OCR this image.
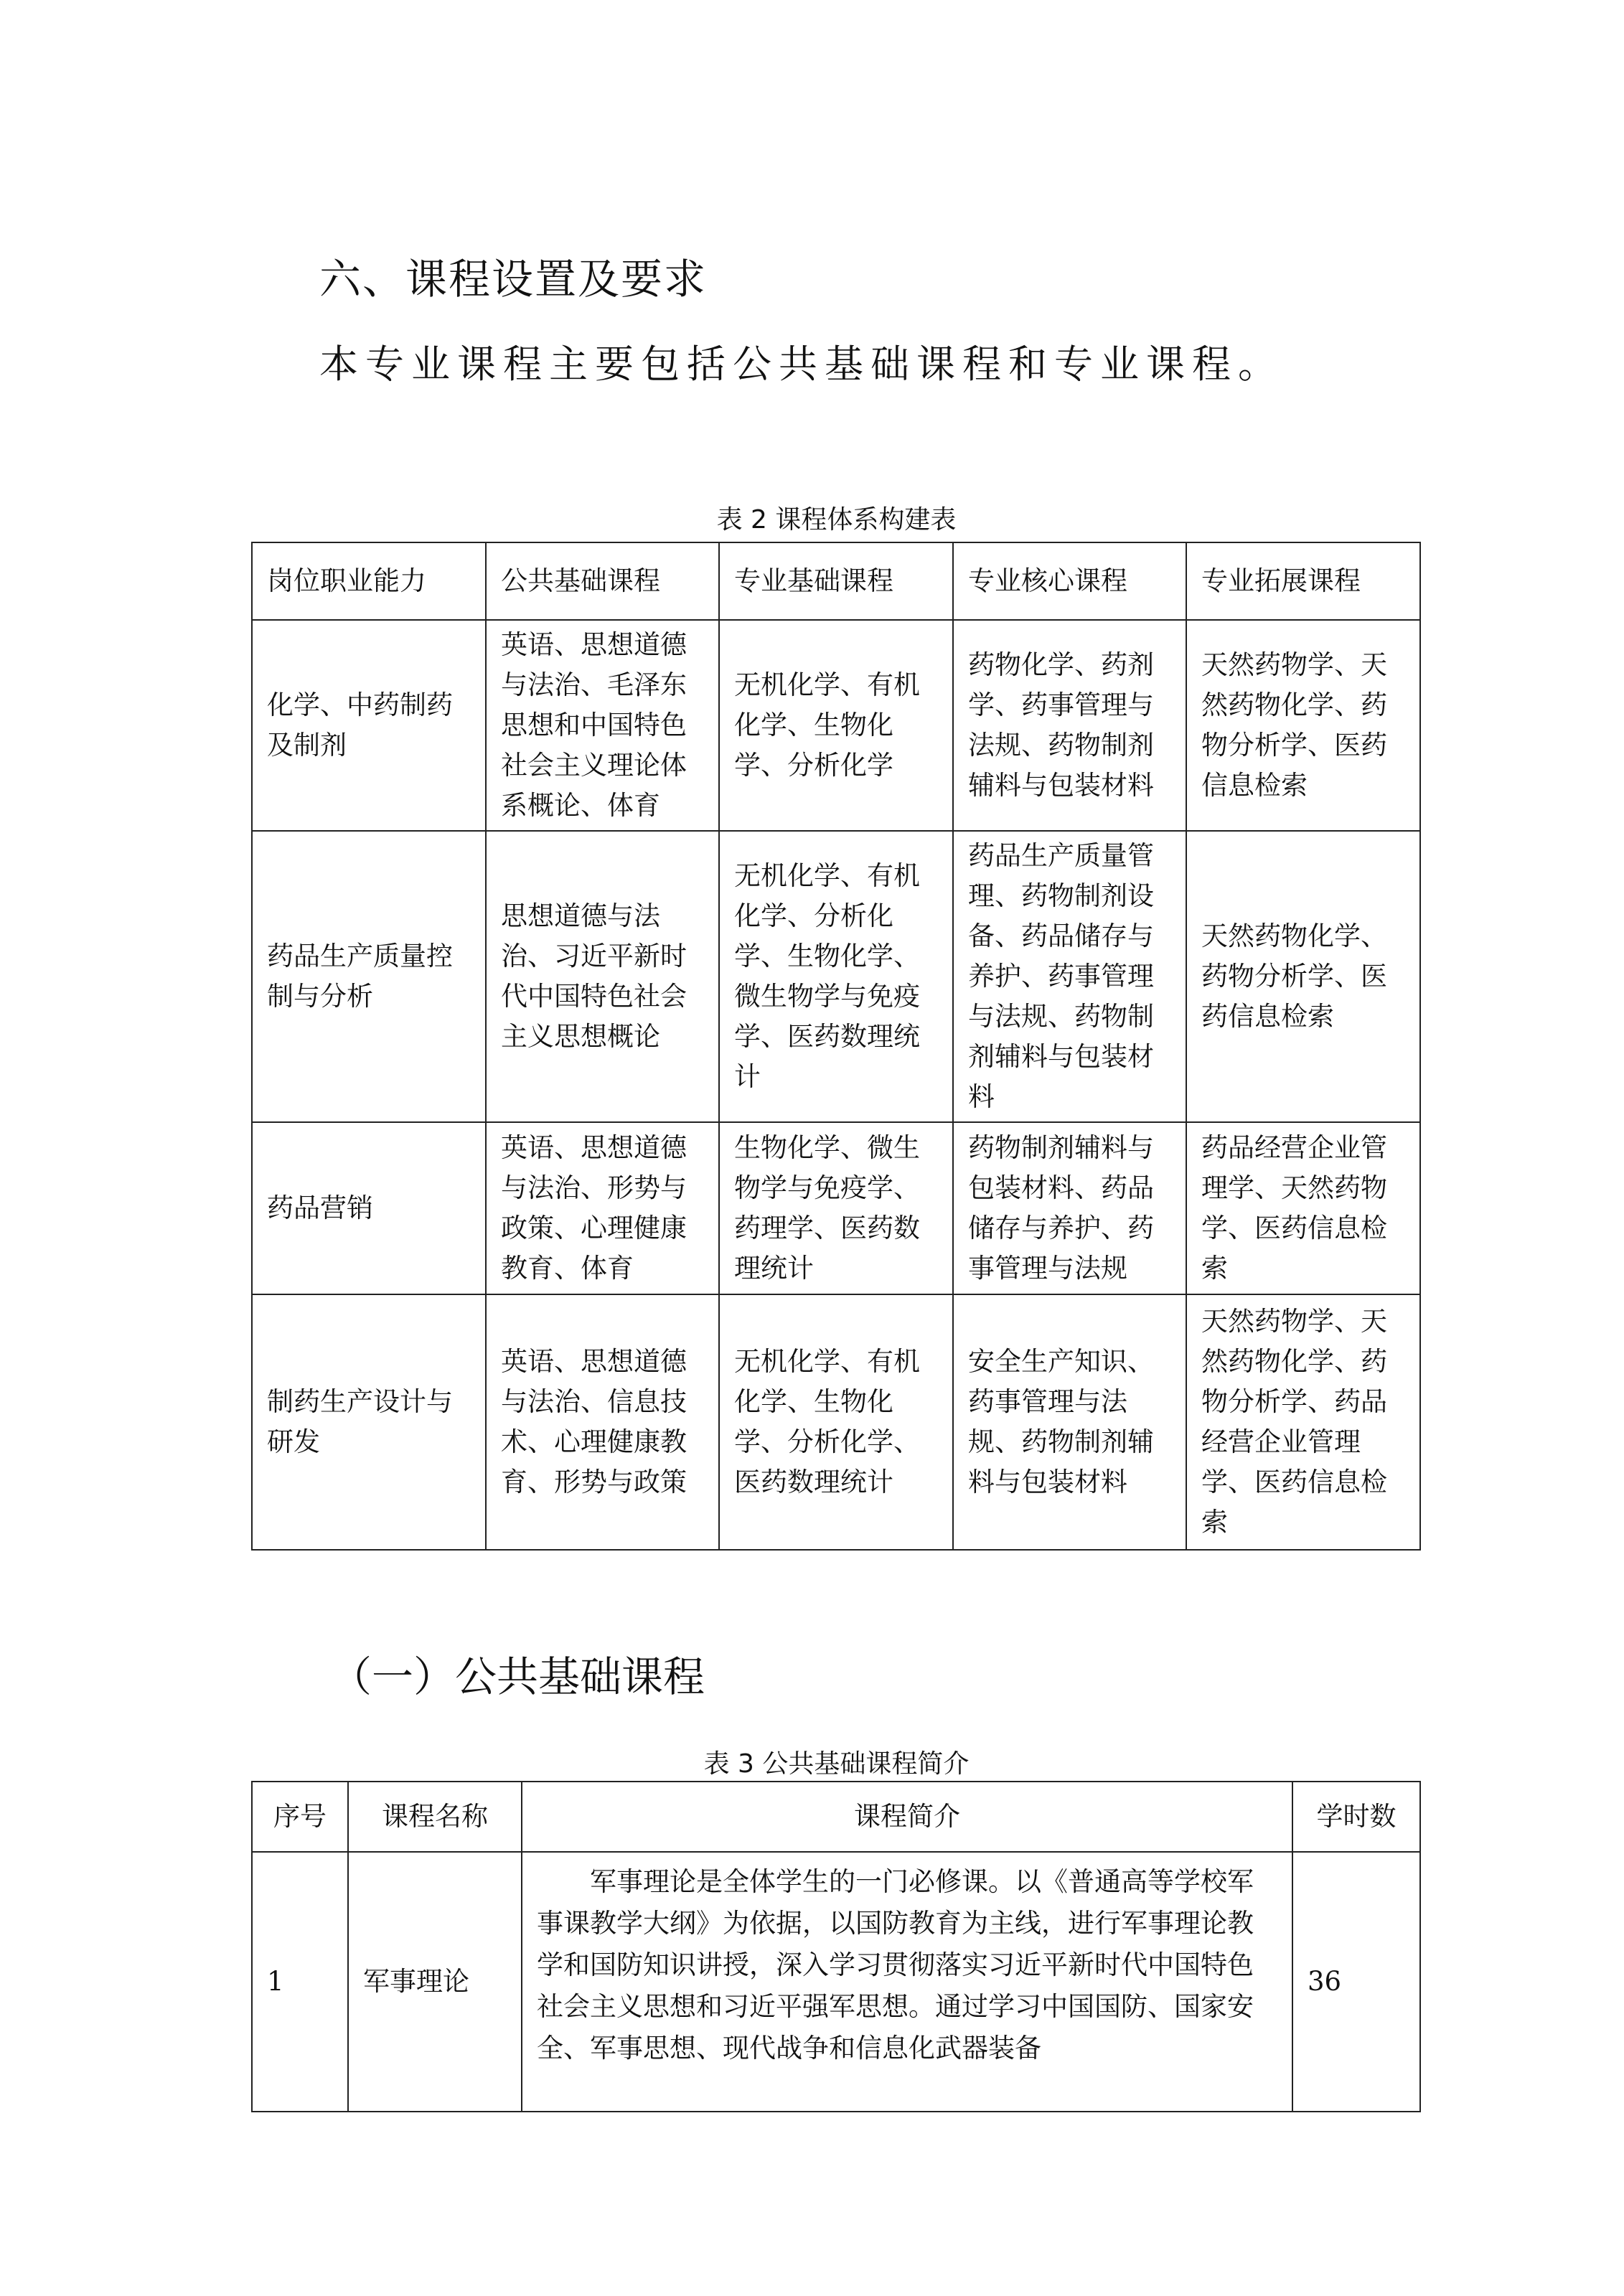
六、课程设置及要求
本专业课程主要包括公共基础课程和专业课程。
表 2 课程体系构建表
岗位职业能力	公共基础课程	专业基础课程	专业核心课程	专业拓展课程
化学、中药制药及制剂	英语、思想道德与法治、毛泽东思想和中国特色社会主义理论体系概论、体育	无机化学、有机化学、生物化学、分析化学	药物化学、药剂学、药事管理与法规、药物制剂辅料与包装材料	天然药物学、天然药物化学、药物分析学、医药信息检索
药品生产质量控制与分析	思想道德与法治、习近平新时代中国特色社会主义思想概论	无机化学、有机化学、分析化学、生物化学、微生物学与免疫学、医药数理统计	药品生产质量管理、药物制剂设备、药品储存与养护、药事管理与法规、药物制剂辅料与包装材料	天然药物化学、药物分析学、医药信息检索
药品营销	英语、思想道德与法治、形势与政策、心理健康教育、体育	生物化学、微生物学与免疫学、药理学、医药数理统计	药物制剂辅料与包装材料、药品储存与养护、药事管理与法规	药品经营企业管理学、天然药物学、医药信息检索
制药生产设计与研发	英语、思想道德与法治、信息技术、心理健康教育、形势与政策	无机化学、有机化学、生物化学、分析化学、医药数理统计	安全生产知识、药事管理与法规、药物制剂辅料与包装材料	天然药物学、天然药物化学、药物分析学、药品经营企业管理学、医药信息检索
（一）公共基础课程
表 3 公共基础课程简介
序号	课程名称	课程简介	学时数
1	军事理论	军事理论是全体学生的一门必修课。以《普通高等学校军事课教学大纲》为依据，以国防教育为主线，进行军事理论教学和国防知识讲授，深入学习贯彻落实习近平新时代中国特色社会主义思想和习近平强军思想。通过学习中国国防、国家安全、军事思想、现代战争和信息化武器装备	36
